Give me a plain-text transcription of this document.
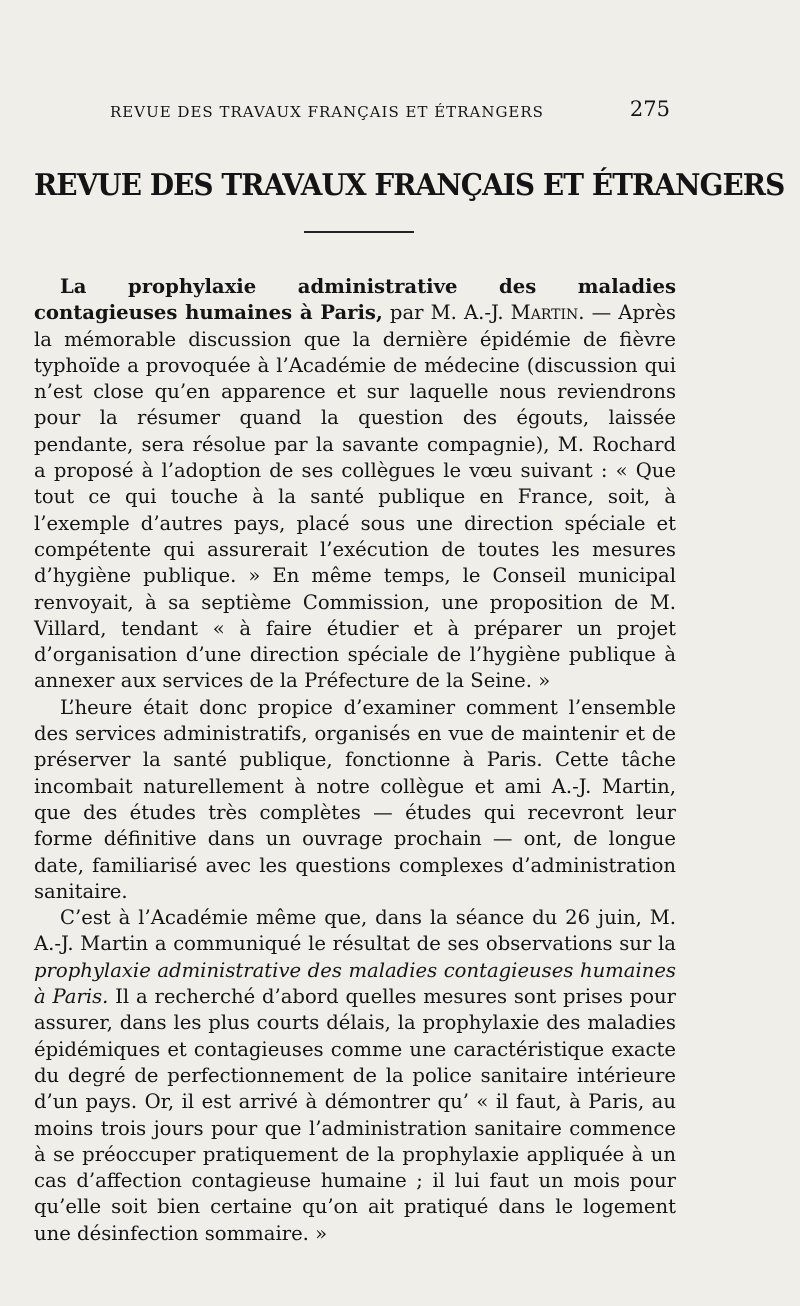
REVUE DES TRAVAUX FRANÇAIS ET ÉTRANGERS	275
REVUE DES TRAVAUX FRANÇAIS ET ÉTRANGERS

La prophylaxie administrative des maladies contagieuses humaines à Paris, par M. A.-J. Martin. — Après la mémorable discussion que la dernière épidémie de fièvre typhoïde a provoquée à l’Académie de médecine (discussion qui n’est close qu’en apparence et sur laquelle nous reviendrons pour la résumer quand la question des égouts, laissée pendante, sera résolue par la savante compagnie), M. Rochard a proposé à l’adoption de ses collègues le vœu suivant : « Que tout ce qui touche à la santé publique en France, soit, à l’exemple d’autres pays, placé sous une direction spéciale et compétente qui assurerait l’exécution de toutes les mesures d’hygiène publique. » En même temps, le Conseil municipal renvoyait, à sa septième Commission, une proposition de M. Villard, tendant « à faire étudier et à préparer un projet d’organisation d’une direction spéciale de l’hygiène publique à annexer aux services de la Préfecture de la Seine. »

L’heure était donc propice d’examiner comment l’ensemble des services administratifs, organisés en vue de maintenir et de préserver la santé publique, fonctionne à Paris. Cette tâche incombait naturellement à notre collègue et ami A.-J. Martin, que des études très complètes — études qui recevront leur forme définitive dans un ouvrage prochain — ont, de longue date, familiarisé avec les questions complexes d’administration sanitaire.

C’est à l’Académie même que, dans la séance du 26 juin, M. A.-J. Martin a communiqué le résultat de ses observations sur la prophylaxie administrative des maladies contagieuses humaines à Paris. Il a recherché d’abord quelles mesures sont prises pour assurer, dans les plus courts délais, la prophylaxie des maladies épidémiques et contagieuses comme une caractéristique exacte du degré de perfectionnement de la police sanitaire intérieure d’un pays. Or, il est arrivé à démontrer qu’ « il faut, à Paris, au moins trois jours pour que l’administration sanitaire commence à se préoccuper pratiquement de la prophylaxie appliquée à un cas d’affection contagieuse humaine ; il lui faut un mois pour qu’elle soit bien certaine qu’on ait pratiqué dans le logement une désinfection sommaire. »
